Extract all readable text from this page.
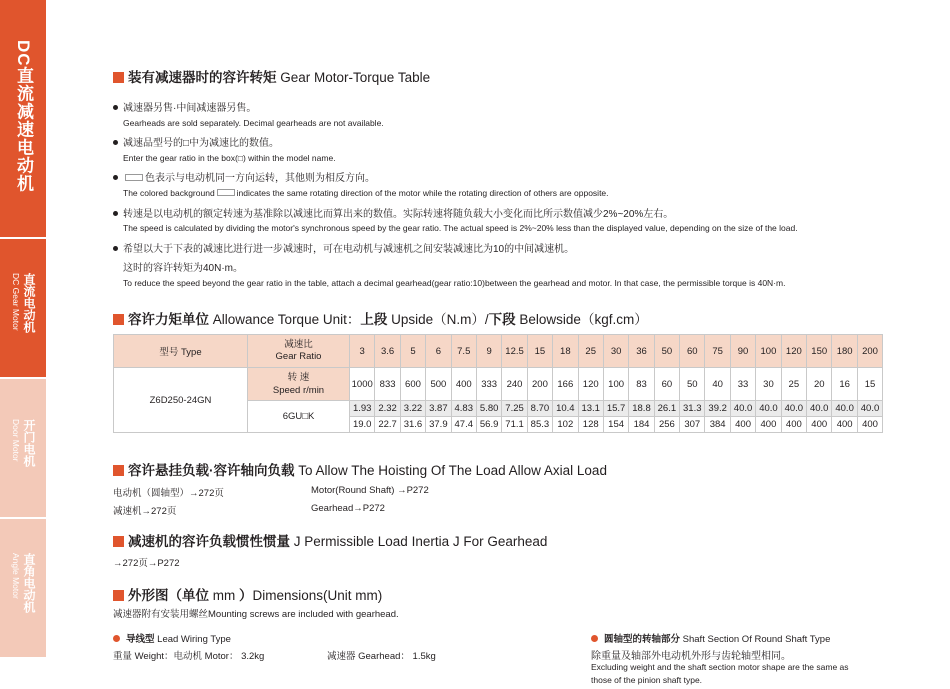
DC直流减速电动机
DC Gear Motor 直流电动机
Door Motor 开门电机
Angle Motor 直角电动机
装有减速器时的容许转矩 Gear Motor-Torque Table
减速器另售·中间减速器另售。
Gearheads are sold separately. Decimal gearheads are not available.
减速品型号的□中为减速比的数值。
Enter the gear ratio in the box(□) within the model name.
色表示与电动机同一方向运转，其他则为相反方向。
The colored background	indicates the same rotating direction of the motor while the rotating direction of others are opposite.
转速是以电动机的额定转速为基准除以减速比而算出来的数值。实际转速将随负载大小变化而比所示数值减少2%~20%左右。
The speed is calculated by dividing the motor's synchronous speed by the gear ratio. The actual speed is 2%~20% less than the displayed value, depending on the size of the load.
希望以大于下表的减速比进行进一步减速时，可在电动机与减速机之间安装减速比为10的中间减速机。
这时的容许转矩为40N·m。
To reduce the speed beyond the gear ratio in the table, attach a decimal gearhead(gear ratio:10)between the gearhead and motor. In that case, the permissible torque is 40N·m.
容许力矩单位 Allowance Torque Unit：上段 Upside（N.m）/下段 Belowside（kgf.cm）
型号 Type	减速比
Gear Ratio	3	3.6	5	6	7.5	9	12.5	15	18	25	30	36	50	60	75	90	100	120	150	180	200
Z6D250-24GN	转 速
Speed r/min	1000	833	600	500	400	333	240	200	166	120	100	83	60	50	40	33	30	25	20	16	15
	6GU□K	1.93	2.32	3.22	3.87	4.83	5.80	7.25	8.70	10.4	13.1	15.7	18.8	26.1	31.3	39.2	40.0	40.0	40.0	40.0	40.0	40.0
		19.0	22.7	31.6	37.9	47.4	56.9	71.1	85.3	102	128	154	184	256	307	384	400	400	400	400	400	400
容许悬挂负载·容许轴向负载 To Allow The Hoisting Of The Load Allow Axial Load
电动机（圆轴型）→272页	Motor(Round Shaft) →P272
减速机→272页	Gearhead→P272
减速机的容许负载惯性惯量 J Permissible Load Inertia J For Gearhead
→272页→P272
外形图（单位 mm ）Dimensions(Unit mm)
减速器附有安装用螺丝Mounting screws are included with gearhead.
导线型 Lead Wiring Type
重量 Weight：电动机 Motor： 3.2kg	减速器 Gearhead： 1.5kg
圆轴型的转轴部分 Shaft Section Of Round Shaft Type
除重量及轴部外电动机外形与齿轮轴型相同。
Excluding weight and the shaft section motor shape are the same as
those of the pinion shaft type.
